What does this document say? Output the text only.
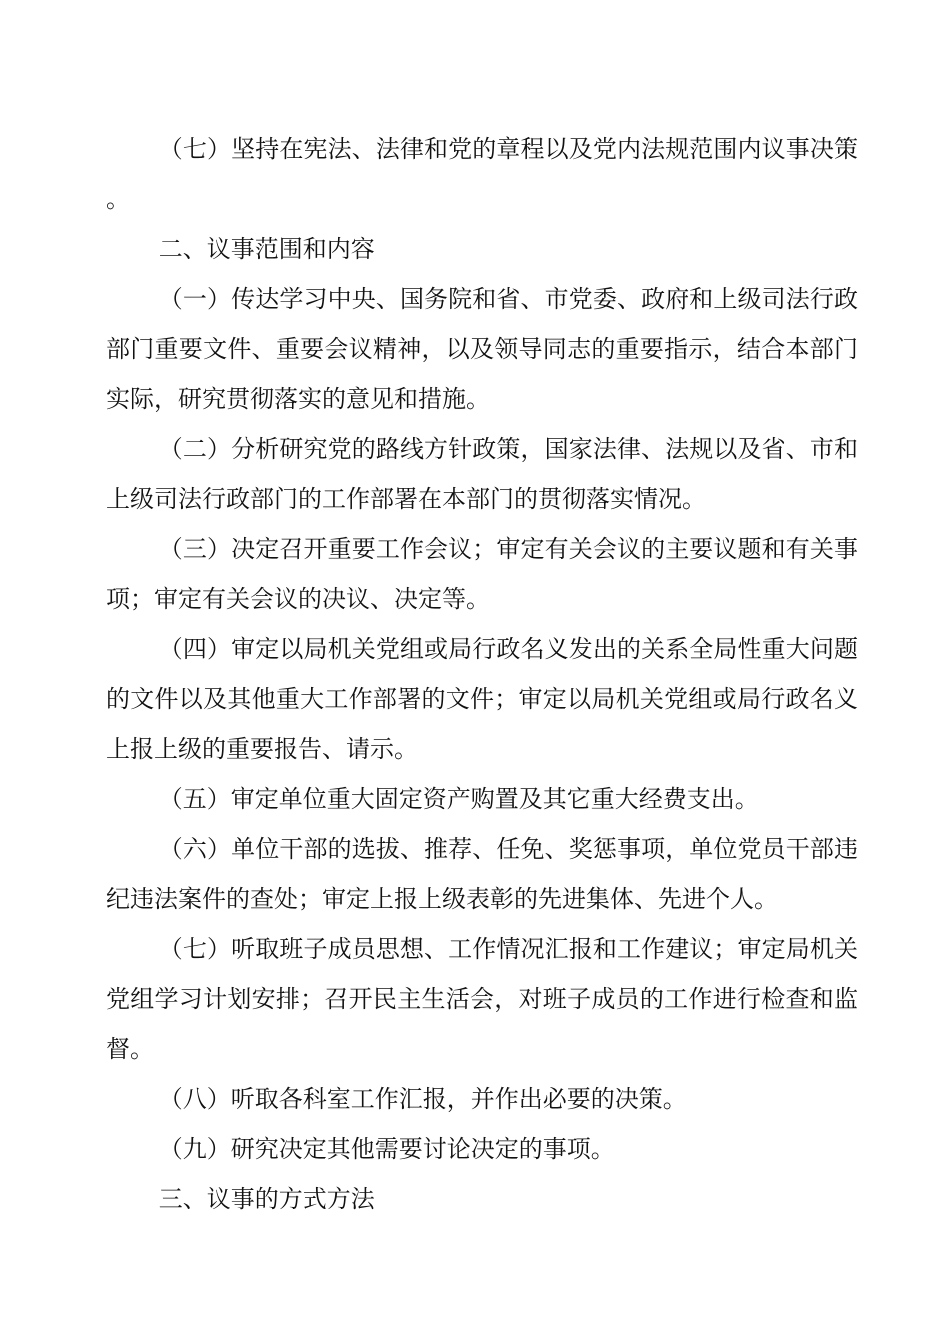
（七）坚持在宪法、法律和党的章程以及党内法规范围内议事决策。

二、议事范围和内容

（一）传达学习中央、国务院和省、市党委、政府和上级司法行政部门重要文件、重要会议精神，以及领导同志的重要指示，结合本部门实际，研究贯彻落实的意见和措施。

（二）分析研究党的路线方针政策，国家法律、法规以及省、市和上级司法行政部门的工作部署在本部门的贯彻落实情况。

（三）决定召开重要工作会议；审定有关会议的主要议题和有关事项；审定有关会议的决议、决定等。

（四）审定以局机关党组或局行政名义发出的关系全局性重大问题的文件以及其他重大工作部署的文件；审定以局机关党组或局行政名义上报上级的重要报告、请示。

（五）审定单位重大固定资产购置及其它重大经费支出。

（六）单位干部的选拔、推荐、任免、奖惩事项，单位党员干部违纪违法案件的查处；审定上报上级表彰的先进集体、先进个人。

（七）听取班子成员思想、工作情况汇报和工作建议；审定局机关党组学习计划安排；召开民主生活会，对班子成员的工作进行检查和监督。

（八）听取各科室工作汇报，并作出必要的决策。

（九）研究决定其他需要讨论决定的事项。

三、议事的方式方法
